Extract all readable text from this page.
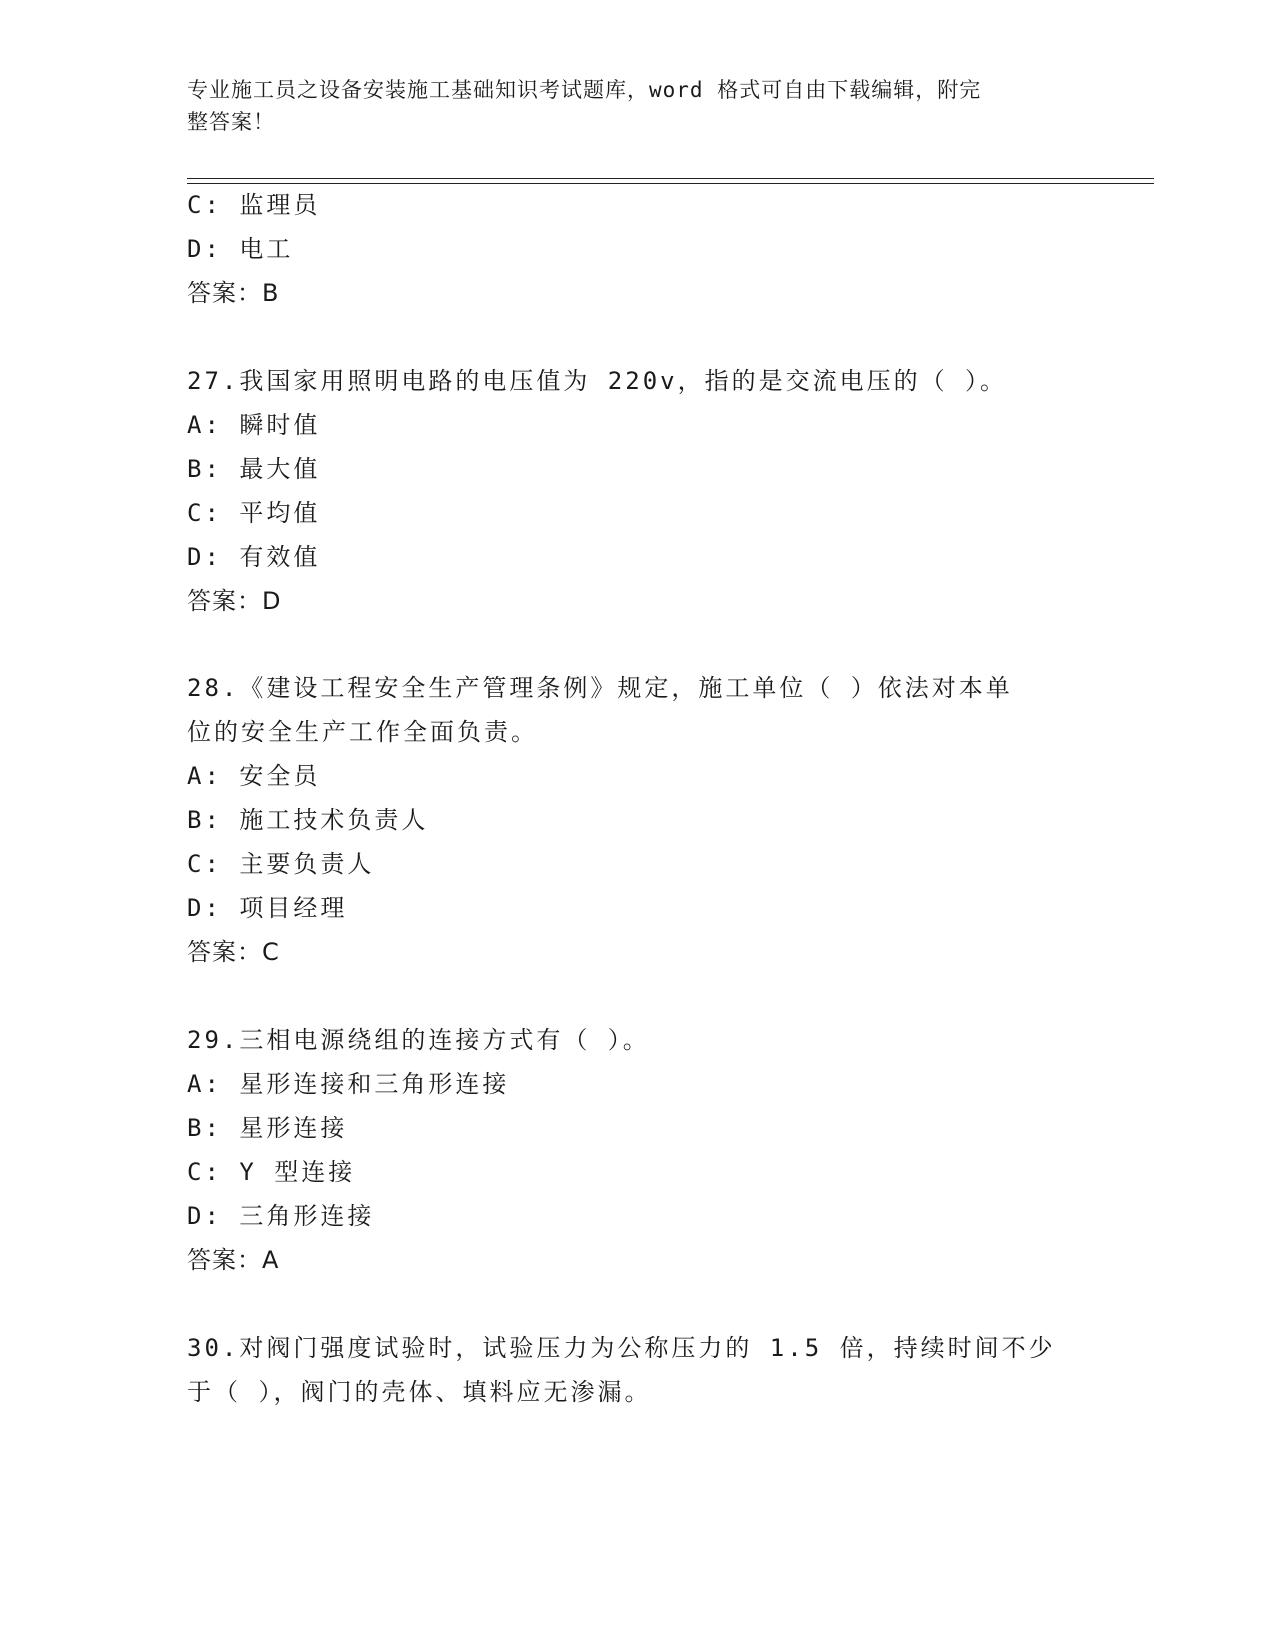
专业施工员之设备安装施工基础知识考试题库，word 格式可自由下载编辑，附完
整答案！
C: 监理员
D: 电工
答案：B
27.我国家用照明电路的电压值为 220v，指的是交流电压的（ ）。
A: 瞬时值
B: 最大值
C: 平均值
D: 有效值
答案：D
28.《建设工程安全生产管理条例》规定，施工单位（ ）依法对本单
位的安全生产工作全面负责。
A: 安全员
B: 施工技术负责人
C: 主要负责人
D: 项目经理
答案：C
29.三相电源绕组的连接方式有（ ）。
A: 星形连接和三角形连接
B: 星形连接
C: Y 型连接
D: 三角形连接
答案：A
30.对阀门强度试验时，试验压力为公称压力的 1.5 倍，持续时间不少
于（ ），阀门的壳体、填料应无渗漏。
